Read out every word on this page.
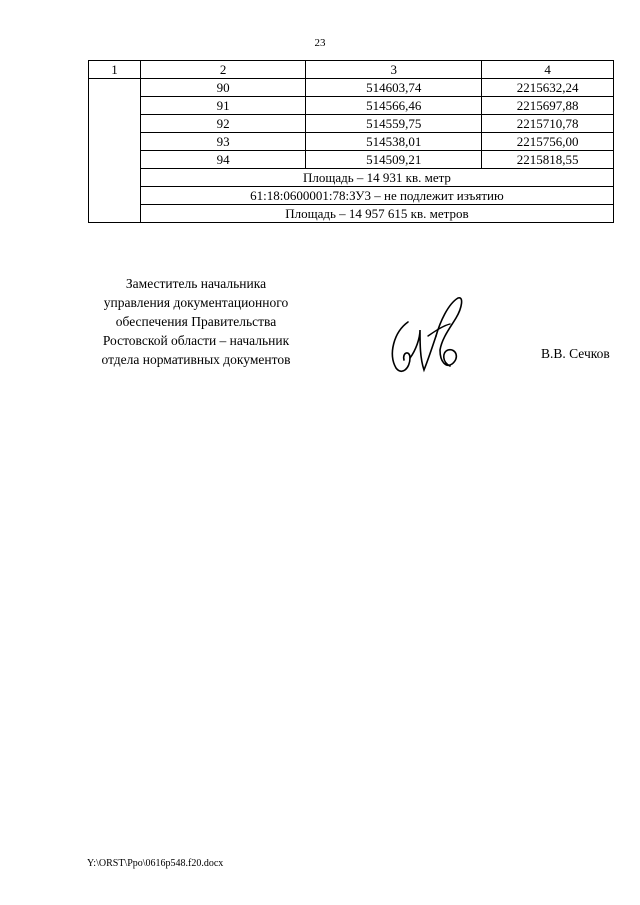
23
1	2	3	4
	90	514603,74	2215632,24
	91	514566,46	2215697,88
	92	514559,75	2215710,78
	93	514538,01	2215756,00
	94	514509,21	2215818,55
	Площадь – 14 931 кв. метр		
	61:18:0600001:78:ЗУ3 – не подлежит изъятию		
	Площадь – 14 957 615 кв. метров		
Заместитель начальника
управления документационного
обеспечения Правительства
Ростовской области – начальник
отдела нормативных документов	В.В. Сечков
Y:\ORST\Ppo\0616p548.f20.docx
